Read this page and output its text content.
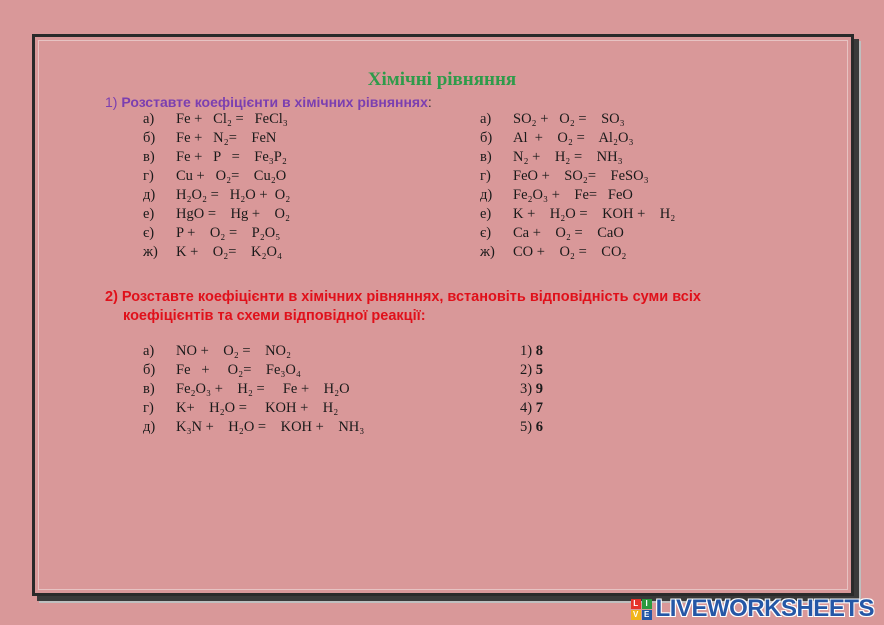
Хімічні рівняння
1) Розставте коефіцієнти в хімічних рівняннях:
а) Fe +   Cl₂ =   FeCl₃
б) Fe +   N₂=    FeN
в) Fe +   P   =    Fe₃P₂
г) Cu +   O₂=    Cu₂O
д) H₂O₂ =   H₂O +  O₂
е) HgO =    Hg +    O₂
є) P +    O₂ =    P₂O₅
ж) K +    O₂=    K₂O₄
а) SO₂ +   O₂ =    SO₃
б) Al  +    O₂ =    Al₂O₃
в) N₂ +    H₂ =    NH₃
г) FeO +    SO₂=    FeSO₃
д) Fe₂O₃ +    Fe=   FeO
е) K +    H₂O =    KOH +    H₂
є) Ca +    O₂ =    CaO
ж) CO +    O₂ =    CO₂
2) Розставте коефіцієнти в хімічних рівняннях, встановіть відповідність суми всіх
коефіцієнтів та схеми відповідної реакції:
а) NO +    O₂ =    NO₂
б) Fe   +     O₂=    Fe₃O₄
в) Fe₂O₃ +    H₂ =     Fe +    H₂O
г) K+    H₂O =     KOH +    H₂
д) K₃N +    H₂O =    KOH +    NH₃
1) 8
2) 5
3) 9
4) 7
5) 6
L I
V E LIVEWORKSHEETS
